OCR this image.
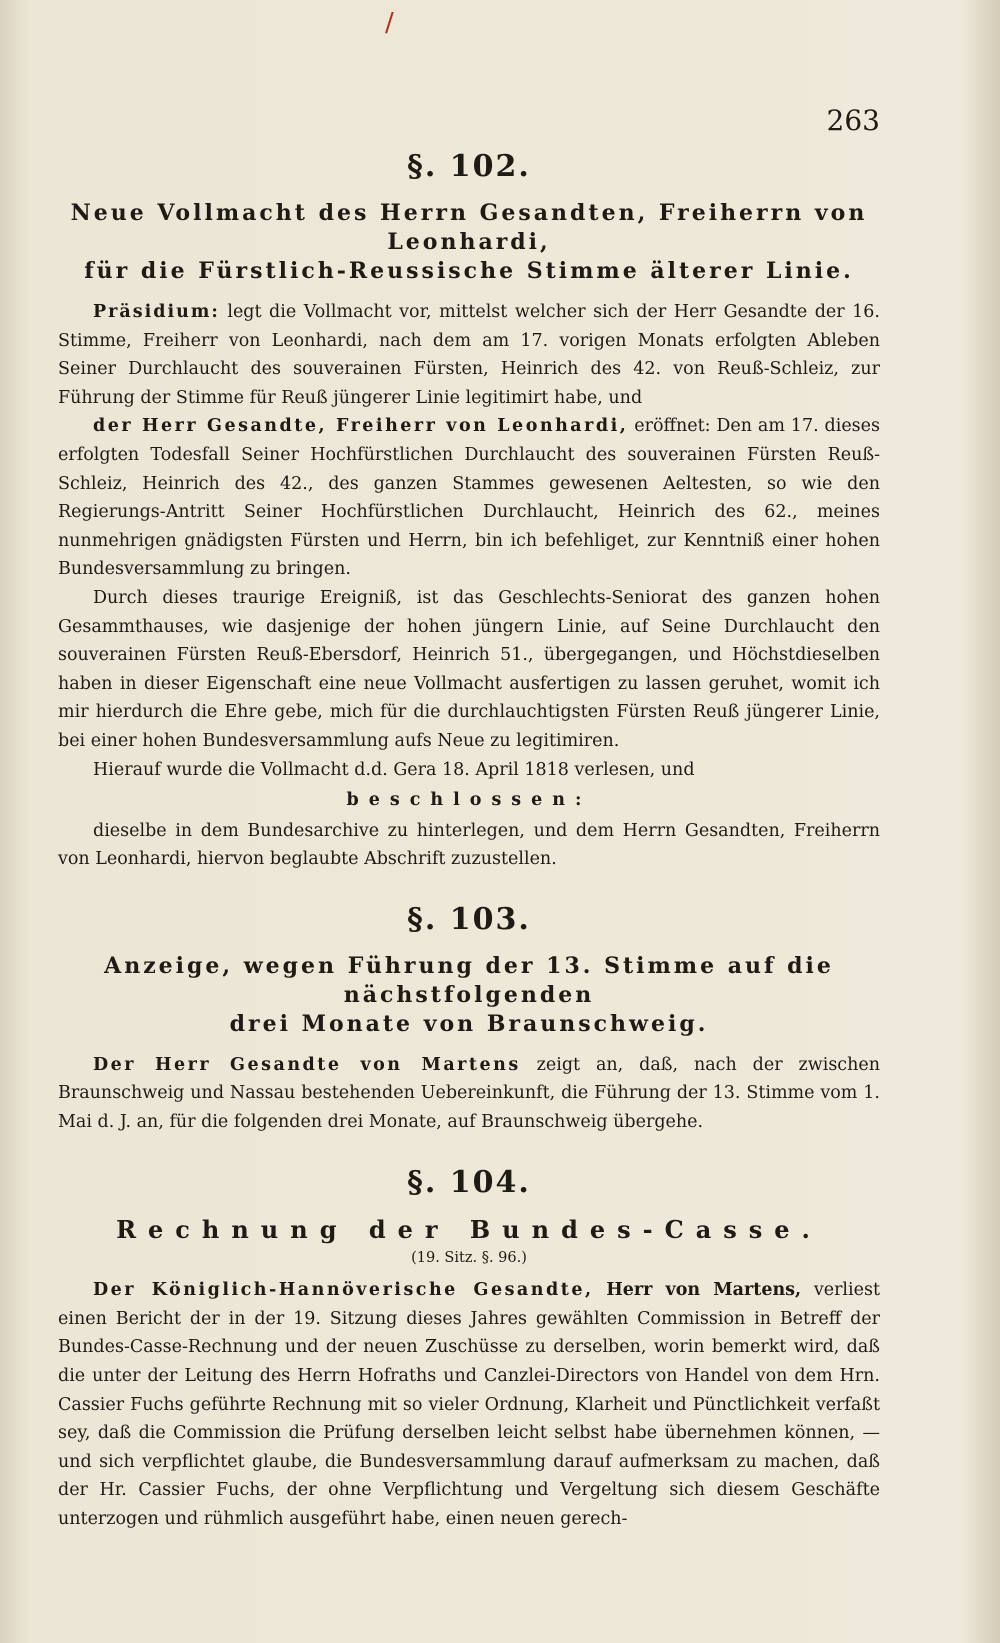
/
263
§. 102.
Neue Vollmacht des Herrn Gesandten, Freiherrn von Leonhardi,
für die Fürstlich-Reussische Stimme älterer Linie.

Präsidium: legt die Vollmacht vor, mittelst welcher sich der Herr Gesandte der 16. Stimme, Freiherr von Leonhardi, nach dem am 17. vorigen Monats erfolgten Ableben Seiner Durchlaucht des souverainen Fürsten, Heinrich des 42. von Reuß-Schleiz, zur Führung der Stimme für Reuß jüngerer Linie legitimirt habe, und

der Herr Gesandte, Freiherr von Leonhardi, eröffnet: Den am 17. dieses erfolgten Todesfall Seiner Hochfürstlichen Durchlaucht des souverainen Fürsten Reuß-Schleiz, Heinrich des 42., des ganzen Stammes gewesenen Aeltesten, so wie den Regierungs-Antritt Seiner Hochfürstlichen Durchlaucht, Heinrich des 62., meines nunmehrigen gnädigsten Fürsten und Herrn, bin ich befehliget, zur Kenntniß einer hohen Bundesversammlung zu bringen.

Durch dieses traurige Ereigniß, ist das Geschlechts-Seniorat des ganzen hohen Gesammthauses, wie dasjenige der hohen jüngern Linie, auf Seine Durchlaucht den souverainen Fürsten Reuß-Ebersdorf, Heinrich 51., übergegangen, und Höchstdieselben haben in dieser Eigenschaft eine neue Vollmacht ausfertigen zu lassen geruhet, womit ich mir hierdurch die Ehre gebe, mich für die durchlauchtigsten Fürsten Reuß jüngerer Linie, bei einer hohen Bundesversammlung aufs Neue zu legitimiren.

Hierauf wurde die Vollmacht d.d. Gera 18. April 1818 verlesen, und

beschlossen:

dieselbe in dem Bundesarchive zu hinterlegen, und dem Herrn Gesandten, Freiherrn von Leonhardi, hiervon beglaubte Abschrift zuzustellen.

§. 103.
Anzeige, wegen Führung der 13. Stimme auf die nächstfolgenden
drei Monate von Braunschweig.

Der Herr Gesandte von Martens zeigt an, daß, nach der zwischen Braunschweig und Nassau bestehenden Uebereinkunft, die Führung der 13. Stimme vom 1. Mai d. J. an, für die folgenden drei Monate, auf Braunschweig übergehe.

§. 104.
Rechnung der Bundes-Casse.

(19. Sitz. §. 96.)

Der Königlich-Hannöverische Gesandte, Herr von Martens, verliest einen Bericht der in der 19. Sitzung dieses Jahres gewählten Commission in Betreff der Bundes-Casse-Rechnung und der neuen Zuschüsse zu derselben, worin bemerkt wird, daß die unter der Leitung des Herrn Hofraths und Canzlei-Directors von Handel von dem Hrn. Cassier Fuchs geführte Rechnung mit so vieler Ordnung, Klarheit und Pünctlichkeit verfaßt sey, daß die Commission die Prüfung derselben leicht selbst habe übernehmen können, — und sich verpflichtet glaube, die Bundesversammlung darauf aufmerksam zu machen, daß der Hr. Cassier Fuchs, der ohne Verpflichtung und Vergeltung sich diesem Geschäfte unterzogen und rühmlich ausgeführt habe, einen neuen gerech-
